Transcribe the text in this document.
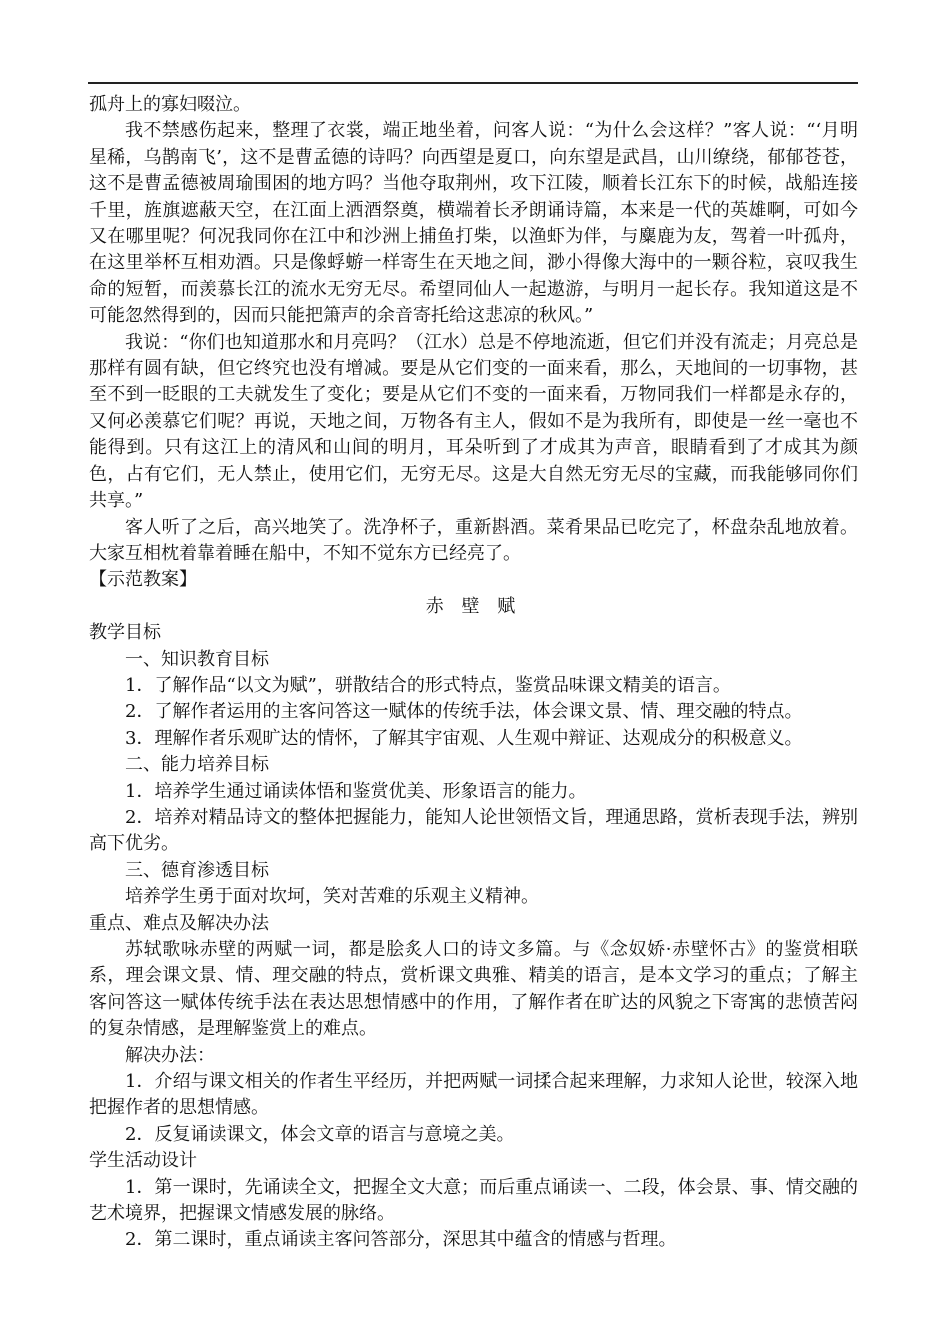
孤舟上的寡妇啜泣。

我不禁感伤起来，整理了衣裳，端正地坐着，问客人说：“为什么会这样？”客人说：“‘月明星稀，乌鹊南飞’，这不是曹孟德的诗吗？向西望是夏口，向东望是武昌，山川缭绕，郁郁苍苍，这不是曹孟德被周瑜围困的地方吗？当他夺取荆州，攻下江陵，顺着长江东下的时候，战船连接千里，旌旗遮蔽天空，在江面上洒酒祭奠，横端着长矛朗诵诗篇，本来是一代的英雄啊，可如今又在哪里呢？何况我同你在江中和沙洲上捕鱼打柴，以渔虾为伴，与麋鹿为友，驾着一叶孤舟，在这里举杯互相劝酒。只是像蜉蝣一样寄生在天地之间，渺小得像大海中的一颗谷粒，哀叹我生命的短暂，而羡慕长江的流水无穷无尽。希望同仙人一起遨游，与明月一起长存。我知道这是不可能忽然得到的，因而只能把箫声的余音寄托给这悲凉的秋风。”

我说：“你们也知道那水和月亮吗？（江水）总是不停地流逝，但它们并没有流走；月亮总是那样有圆有缺，但它终究也没有增减。要是从它们变的一面来看，那么，天地间的一切事物，甚至不到一眨眼的工夫就发生了变化；要是从它们不变的一面来看，万物同我们一样都是永存的，又何必羡慕它们呢？再说，天地之间，万物各有主人，假如不是为我所有，即使是一丝一毫也不能得到。只有这江上的清风和山间的明月，耳朵听到了才成其为声音，眼睛看到了才成其为颜色，占有它们，无人禁止，使用它们，无穷无尽。这是大自然无穷无尽的宝藏，而我能够同你们共享。”

客人听了之后，高兴地笑了。洗净杯子，重新斟酒。菜肴果品已吃完了，杯盘杂乱地放着。大家互相枕着靠着睡在船中，不知不觉东方已经亮了。

【示范教案】

赤 壁 赋

教学目标

一、知识教育目标

1．了解作品“以文为赋”，骈散结合的形式特点，鉴赏品味课文精美的语言。

2．了解作者运用的主客问答这一赋体的传统手法，体会课文景、情、理交融的特点。

3．理解作者乐观旷达的情怀，了解其宇宙观、人生观中辩证、达观成分的积极意义。

二、能力培养目标

1．培养学生通过诵读体悟和鉴赏优美、形象语言的能力。

2．培养对精品诗文的整体把握能力，能知人论世领悟文旨，理通思路，赏析表现手法，辨别高下优劣。

三、德育渗透目标

培养学生勇于面对坎坷，笑对苦难的乐观主义精神。

重点、难点及解决办法

苏轼歌咏赤壁的两赋一词，都是脍炙人口的诗文多篇。与《念奴娇·赤壁怀古》的鉴赏相联系，理会课文景、情、理交融的特点，赏析课文典雅、精美的语言，是本文学习的重点；了解主客问答这一赋体传统手法在表达思想情感中的作用，了解作者在旷达的风貌之下寄寓的悲愤苦闷的复杂情感，是理解鉴赏上的难点。

解决办法：

1．介绍与课文相关的作者生平经历，并把两赋一词揉合起来理解，力求知人论世，较深入地把握作者的思想情感。

2．反复诵读课文，体会文章的语言与意境之美。

学生活动设计

1．第一课时，先诵读全文，把握全文大意；而后重点诵读一、二段，体会景、事、情交融的艺术境界，把握课文情感发展的脉络。

2．第二课时，重点诵读主客问答部分，深思其中蕴含的情感与哲理。
